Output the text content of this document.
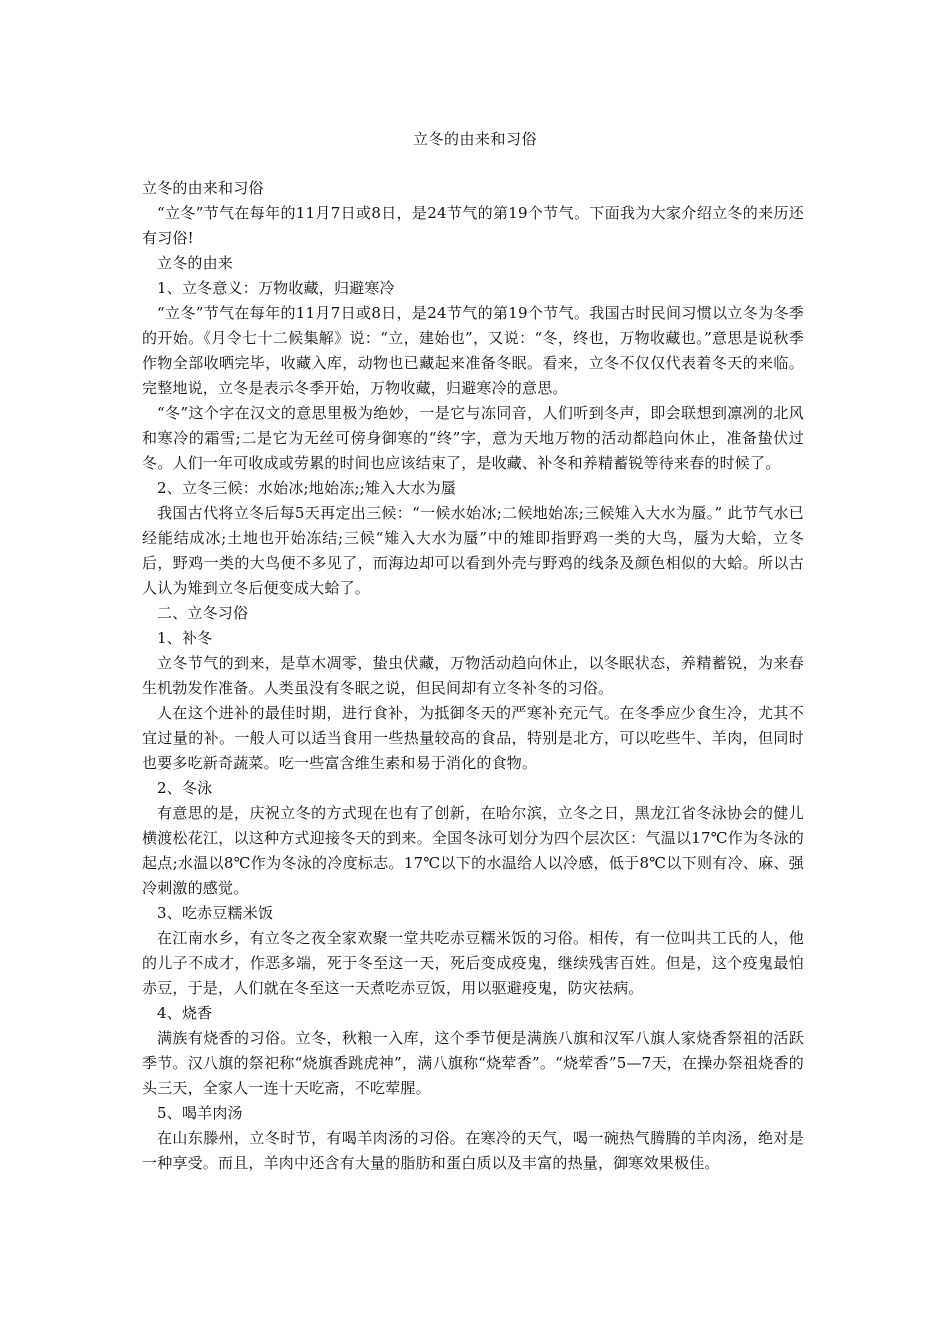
立冬的由来和习俗

立冬的由来和习俗

“立冬”节气在每年的11月7日或8日，是24节气的第19个节气。下面我为大家介绍立冬的来历还有习俗!

立冬的由来

1、立冬意义：万物收藏，归避寒冷

“立冬”节气在每年的11月7日或8日，是24节气的第19个节气。我国古时民间习惯以立冬为冬季的开始。《月令七十二候集解》说：“立，建始也”，又说：“冬，终也，万物收藏也。”意思是说秋季作物全部收晒完毕，收藏入库，动物也已藏起来准备冬眠。看来，立冬不仅仅代表着冬天的来临。完整地说，立冬是表示冬季开始，万物收藏，归避寒冷的意思。

“冬”这个字在汉文的意思里极为绝妙，一是它与冻同音，人们听到冬声，即会联想到凛冽的北风和寒冷的霜雪;二是它为无丝可傍身御寒的“终”字，意为天地万物的活动都趋向休止，准备蛰伏过冬。人们一年可收成或劳累的时间也应该结束了，是收藏、补冬和养精蓄锐等待来春的时候了。

2、立冬三候：水始冰;地始冻;;雉入大水为蜃

我国古代将立冬后每5天再定出三候：“一候水始冰;二候地始冻;三候雉入大水为蜃。” 此节气水已经能结成冰;土地也开始冻结;三候“雉入大水为蜃”中的雉即指野鸡一类的大鸟，蜃为大蛤，立冬后，野鸡一类的大鸟便不多见了，而海边却可以看到外壳与野鸡的线条及颜色相似的大蛤。所以古人认为雉到立冬后便变成大蛤了。

二、立冬习俗

1、补冬

立冬节气的到来，是草木凋零，蛰虫伏藏，万物活动趋向休止，以冬眠状态，养精蓄锐，为来春生机勃发作准备。人类虽没有冬眠之说，但民间却有立冬补冬的习俗。

人在这个进补的最佳时期，进行食补，为抵御冬天的严寒补充元气。在冬季应少食生冷，尤其不宜过量的补。一般人可以适当食用一些热量较高的食品，特别是北方，可以吃些牛、羊肉，但同时也要多吃新奇蔬菜。吃一些富含维生素和易于消化的食物。

2、冬泳

有意思的是，庆祝立冬的方式现在也有了创新，在哈尔滨，立冬之日，黑龙江省冬泳协会的健儿横渡松花江，以这种方式迎接冬天的到来。全国冬泳可划分为四个层次区：气温以17℃作为冬泳的起点;水温以8℃作为冬泳的冷度标志。17℃以下的水温给人以冷感，低于8℃以下则有冷、麻、强冷刺激的感觉。

3、吃赤豆糯米饭

在江南水乡，有立冬之夜全家欢聚一堂共吃赤豆糯米饭的习俗。相传，有一位叫共工氏的人，他的儿子不成才，作恶多端，死于冬至这一天，死后变成疫鬼，继续残害百姓。但是，这个疫鬼最怕赤豆，于是，人们就在冬至这一天煮吃赤豆饭，用以驱避疫鬼，防灾祛病。

4、烧香

满族有烧香的习俗。立冬，秋粮一入库，这个季节便是满族八旗和汉军八旗人家烧香祭祖的活跃季节。汉八旗的祭祀称“烧旗香跳虎神”，满八旗称“烧荤香”。“烧荤香”5—7天，在操办祭祖烧香的头三天，全家人一连十天吃斋，不吃荤腥。

5、喝羊肉汤

在山东滕州，立冬时节，有喝羊肉汤的习俗。在寒冷的天气，喝一碗热气腾腾的羊肉汤，绝对是一种享受。而且，羊肉中还含有大量的脂肪和蛋白质以及丰富的热量，御寒效果极佳。
